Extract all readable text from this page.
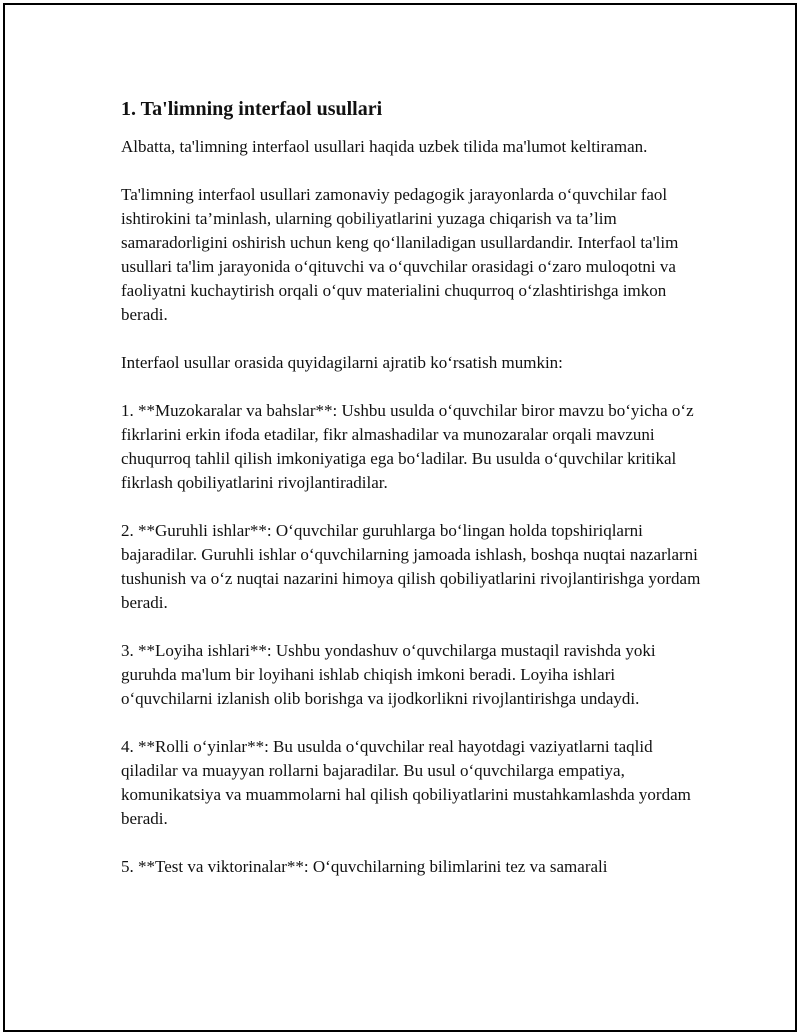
1. Ta'limning interfaol usullari

Albatta, ta'limning interfaol usullari haqida uzbek tilida ma'lumot keltiraman.

Ta'limning interfaol usullari zamonaviy pedagogik jarayonlarda o‘quvchilar faol ishtirokini ta’minlash, ularning qobiliyatlarini yuzaga chiqarish va ta’lim samaradorligini oshirish uchun keng qo‘llaniladigan usullardandir. Interfaol ta'lim usullari ta'lim jarayonida o‘qituvchi va o‘quvchilar orasidagi o‘zaro muloqotni va faoliyatni kuchaytirish orqali o‘quv materialini chuqurroq o‘zlashtirishga imkon beradi.

Interfaol usullar orasida quyidagilarni ajratib ko‘rsatish mumkin:

1. **Muzokaralar va bahslar**: Ushbu usulda o‘quvchilar biror mavzu bo‘yicha o‘z fikrlarini erkin ifoda etadilar, fikr almashadilar va munozaralar orqali mavzuni chuqurroq tahlil qilish imkoniyatiga ega bo‘ladilar. Bu usulda o‘quvchilar kritikal fikrlash qobiliyatlarini rivojlantiradilar.

2. **Guruhli ishlar**: O‘quvchilar guruhlarga bo‘lingan holda topshiriqlarni bajaradilar. Guruhli ishlar o‘quvchilarning jamoada ishlash, boshqa nuqtai nazarlarni tushunish va o‘z nuqtai nazarini himoya qilish qobiliyatlarini rivojlantirishga yordam beradi.

3. **Loyiha ishlari**: Ushbu yondashuv o‘quvchilarga mustaqil ravishda yoki guruhda ma'lum bir loyihani ishlab chiqish imkoni beradi. Loyiha ishlari o‘quvchilarni izlanish olib borishga va ijodkorlikni rivojlantirishga undaydi.

4. **Rolli o‘yinlar**: Bu usulda o‘quvchilar real hayotdagi vaziyatlarni taqlid qiladilar va muayyan rollarni bajaradilar. Bu usul o‘quvchilarga empatiya, komunikatsiya va muammolarni hal qilish qobiliyatlarini mustahkamlashda yordam beradi.

5. **Test va viktorinalar**: O‘quvchilarning bilimlarini tez va samarali
